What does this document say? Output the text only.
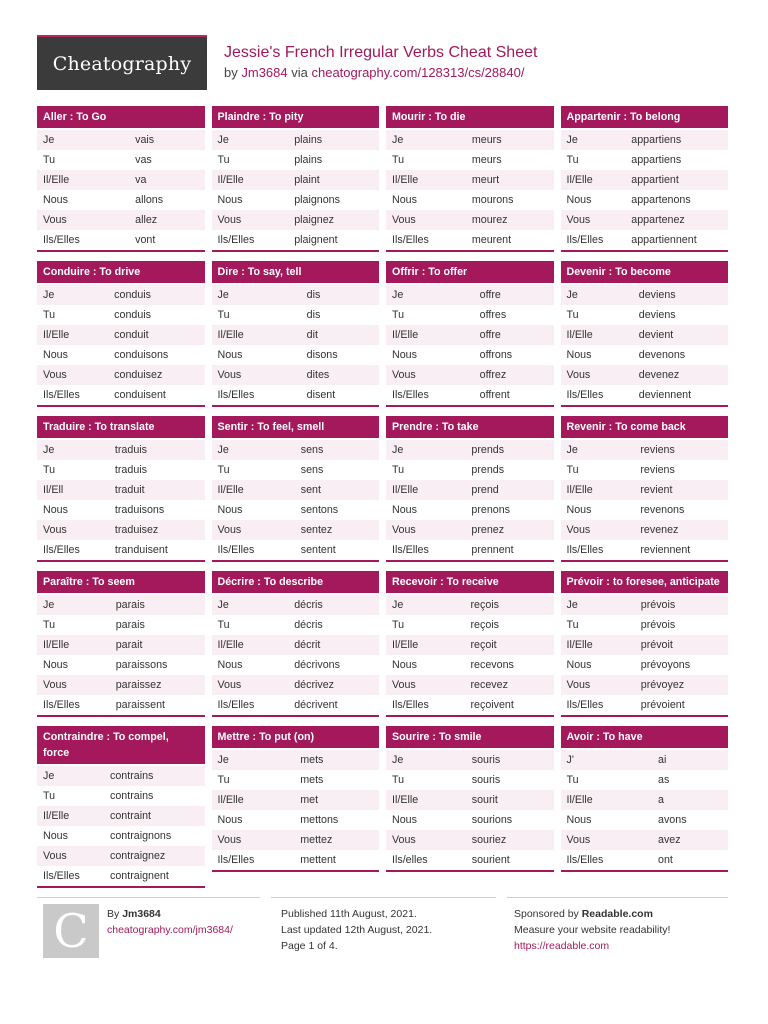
Cheatography	Jessie's French Irregular Verbs Cheat Sheet
by Jm3684 via cheatography.com/128313/cs/28840/
Aller : To Go
Je	vais
Tu	vas
Il/Elle	va
Nous	allons
Vous	allez
Ils/Elles	vont
Plaindre : To pity
Je	plains
Tu	plains
Il/Elle	plaint
Nous	plaignons
Vous	plaignez
Ils/Elles	plaignent
Mourir : To die
Je	meurs
Tu	meurs
Il/Elle	meurt
Nous	mourons
Vous	mourez
Ils/Elles	meurent
Appartenir : To belong
Je	appartiens
Tu	appartiens
Il/Elle	appartient
Nous	appartenons
Vous	appartenez
Ils/Elles	appartiennent
Conduire : To drive
Je	conduis
Tu	conduis
Il/Elle	conduit
Nous	conduisons
Vous	conduisez
Ils/Elles	conduisent
Dire : To say, tell
Je	dis
Tu	dis
Il/Elle	dit
Nous	disons
Vous	dites
Ils/Elles	disent
Offrir : To offer
Je	offre
Tu	offres
Il/Elle	offre
Nous	offrons
Vous	offrez
Ils/Elles	offrent
Devenir : To become
Je	deviens
Tu	deviens
Il/Elle	devient
Nous	devenons
Vous	devenez
Ils/Elles	deviennent
Traduire : To translate
Je	traduis
Tu	traduis
Il/Ell	traduit
Nous	traduisons
Vous	traduisez
Ils/Elles	tranduisent
Sentir : To feel, smell
Je	sens
Tu	sens
Il/Elle	sent
Nous	sentons
Vous	sentez
Ils/Elles	sentent
Prendre : To take
Je	prends
Tu	prends
Il/Elle	prend
Nous	prenons
Vous	prenez
Ils/Elles	prennent
Revenir : To come back
Je	reviens
Tu	reviens
Il/Elle	revient
Nous	revenons
Vous	revenez
Ils/Elles	reviennent
Paraître : To seem
Je	parais
Tu	parais
Il/Elle	parait
Nous	paraissons
Vous	paraissez
Ils/Elles	paraissent
Décrire : To describe
Je	décris
Tu	décris
Il/Elle	décrit
Nous	décrivons
Vous	décrivez
Ils/Elles	décrivent
Recevoir : To receive
Je	reçois
Tu	reçois
Il/Elle	reçoit
Nous	recevons
Vous	recevez
Ils/Elles	reçoivent
Prévoir : to foresee, anticipate
Je	prévois
Tu	prévois
Il/Elle	prévoit
Nous	prévoyons
Vous	prévoyez
Ils/Elles	prévoient
Contraindre : To compel, force
Je	contrains
Tu	contrains
Il/Elle	contraint
Nous	contraignons
Vous	contraignez
Ils/Elles	contraignent
Mettre : To put (on)
Je	mets
Tu	mets
Il/Elle	met
Nous	mettons
Vous	mettez
Ils/Elles	mettent
Sourire : To smile
Je	souris
Tu	souris
Il/Elle	sourit
Nous	sourions
Vous	souriez
Ils/elles	sourient
Avoir : To have
J'	ai
Tu	as
Il/Elle	a
Nous	avons
Vous	avez
Ils/Elles	ont
C	By Jm3684
cheatography.com/jm3684/
Published 11th August, 2021.
Last updated 12th August, 2021.
Page 1 of 4.
Sponsored by Readable.com
Measure your website readability!
https://readable.com
